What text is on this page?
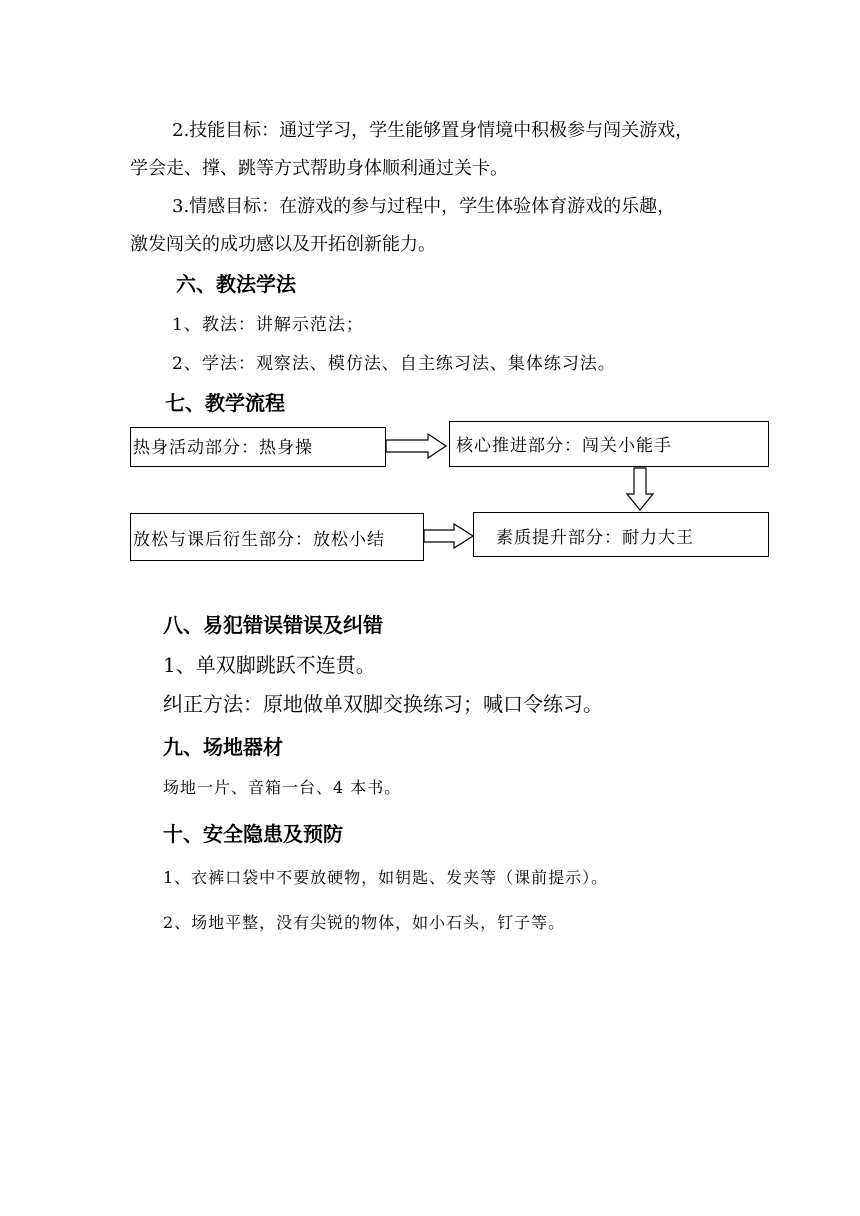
2.技能目标：通过学习，学生能够置身情境中积极参与闯关游戏，
学会走、撑、跳等方式帮助身体顺利通过关卡。
3.情感目标：在游戏的参与过程中，学生体验体育游戏的乐趣，
激发闯关的成功感以及开拓创新能力。
六、教法学法
1、教法：讲解示范法；
2、学法：观察法、模仿法、自主练习法、集体练习法。
七、教学流程
热身活动部分：热身操	核心推进部分：闯关小能手
素质提升部分：耐力大王
放松与课后衍生部分：放松小结
八、易犯错误错误及纠错
1、单双脚跳跃不连贯。
纠正方法：原地做单双脚交换练习；喊口令练习。
九、场地器材
场地一片、音箱一台、4 本书。
十、安全隐患及预防
1、衣裤口袋中不要放硬物，如钥匙、发夹等（课前提示）。
2、场地平整，没有尖锐的物体，如小石头，钉子等。
